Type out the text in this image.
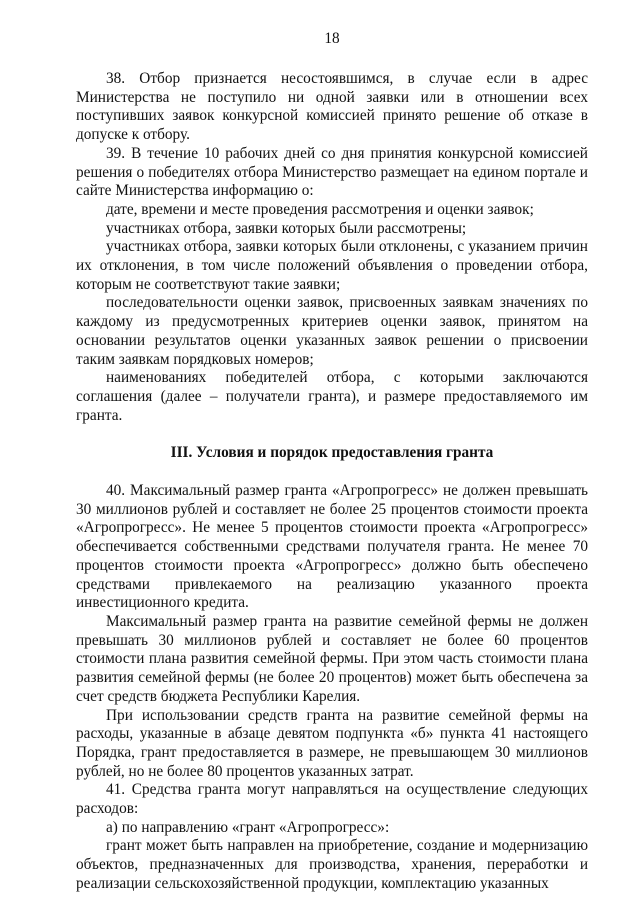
18

38. Отбор признается несостоявшимся, в случае если в адрес Министерства не поступило ни одной заявки или в отношении всех поступивших заявок конкурсной комиссией принято решение об отказе в допуске к отбору.

39. В течение 10 рабочих дней со дня принятия конкурсной комиссией решения о победителях отбора Министерство размещает на едином портале и сайте Министерства информацию о:

дате, времени и месте проведения рассмотрения и оценки заявок;

участниках отбора, заявки которых были рассмотрены;

участниках отбора, заявки которых были отклонены, с указанием причин их отклонения, в том числе положений объявления о проведении отбора, которым не соответствуют такие заявки;

последовательности оценки заявок, присвоенных заявкам значениях по каждому из предусмотренных критериев оценки заявок, принятом на основании результатов оценки указанных заявок решении о присвоении таким заявкам порядковых номеров;

наименованиях победителей отбора, с которыми заключаются соглашения (далее – получатели гранта), и размере предоставляемого им гранта.

III. Условия и порядок предоставления гранта

40. Максимальный размер гранта «Агропрогресс» не должен превышать 30 миллионов рублей и составляет не более 25 процентов стоимости проекта «Агропрогресс». Не менее 5 процентов стоимости проекта «Агропрогресс» обеспечивается собственными средствами получателя гранта. Не менее 70 процентов стоимости проекта «Агропрогресс» должно быть обеспечено средствами привлекаемого на реализацию указанного проекта инвестиционного кредита.

Максимальный размер гранта на развитие семейной фермы не должен превышать 30 миллионов рублей и составляет не более 60 процентов стоимости плана развития семейной фермы. При этом часть стоимости плана развития семейной фермы (не более 20 процентов) может быть обеспечена за счет средств бюджета Республики Карелия.

При использовании средств гранта на развитие семейной фермы на расходы, указанные в абзаце девятом подпункта «б» пункта 41 настоящего Порядка, грант предоставляется в размере, не превышающем 30 миллионов рублей, но не более 80 процентов указанных затрат.

41. Средства гранта могут направляться на осуществление следующих расходов:

а) по направлению «грант «Агропрогресс»:

грант может быть направлен на приобретение, создание и модернизацию объектов, предназначенных для производства, хранения, переработки и реализации сельскохозяйственной продукции, комплектацию указанных
